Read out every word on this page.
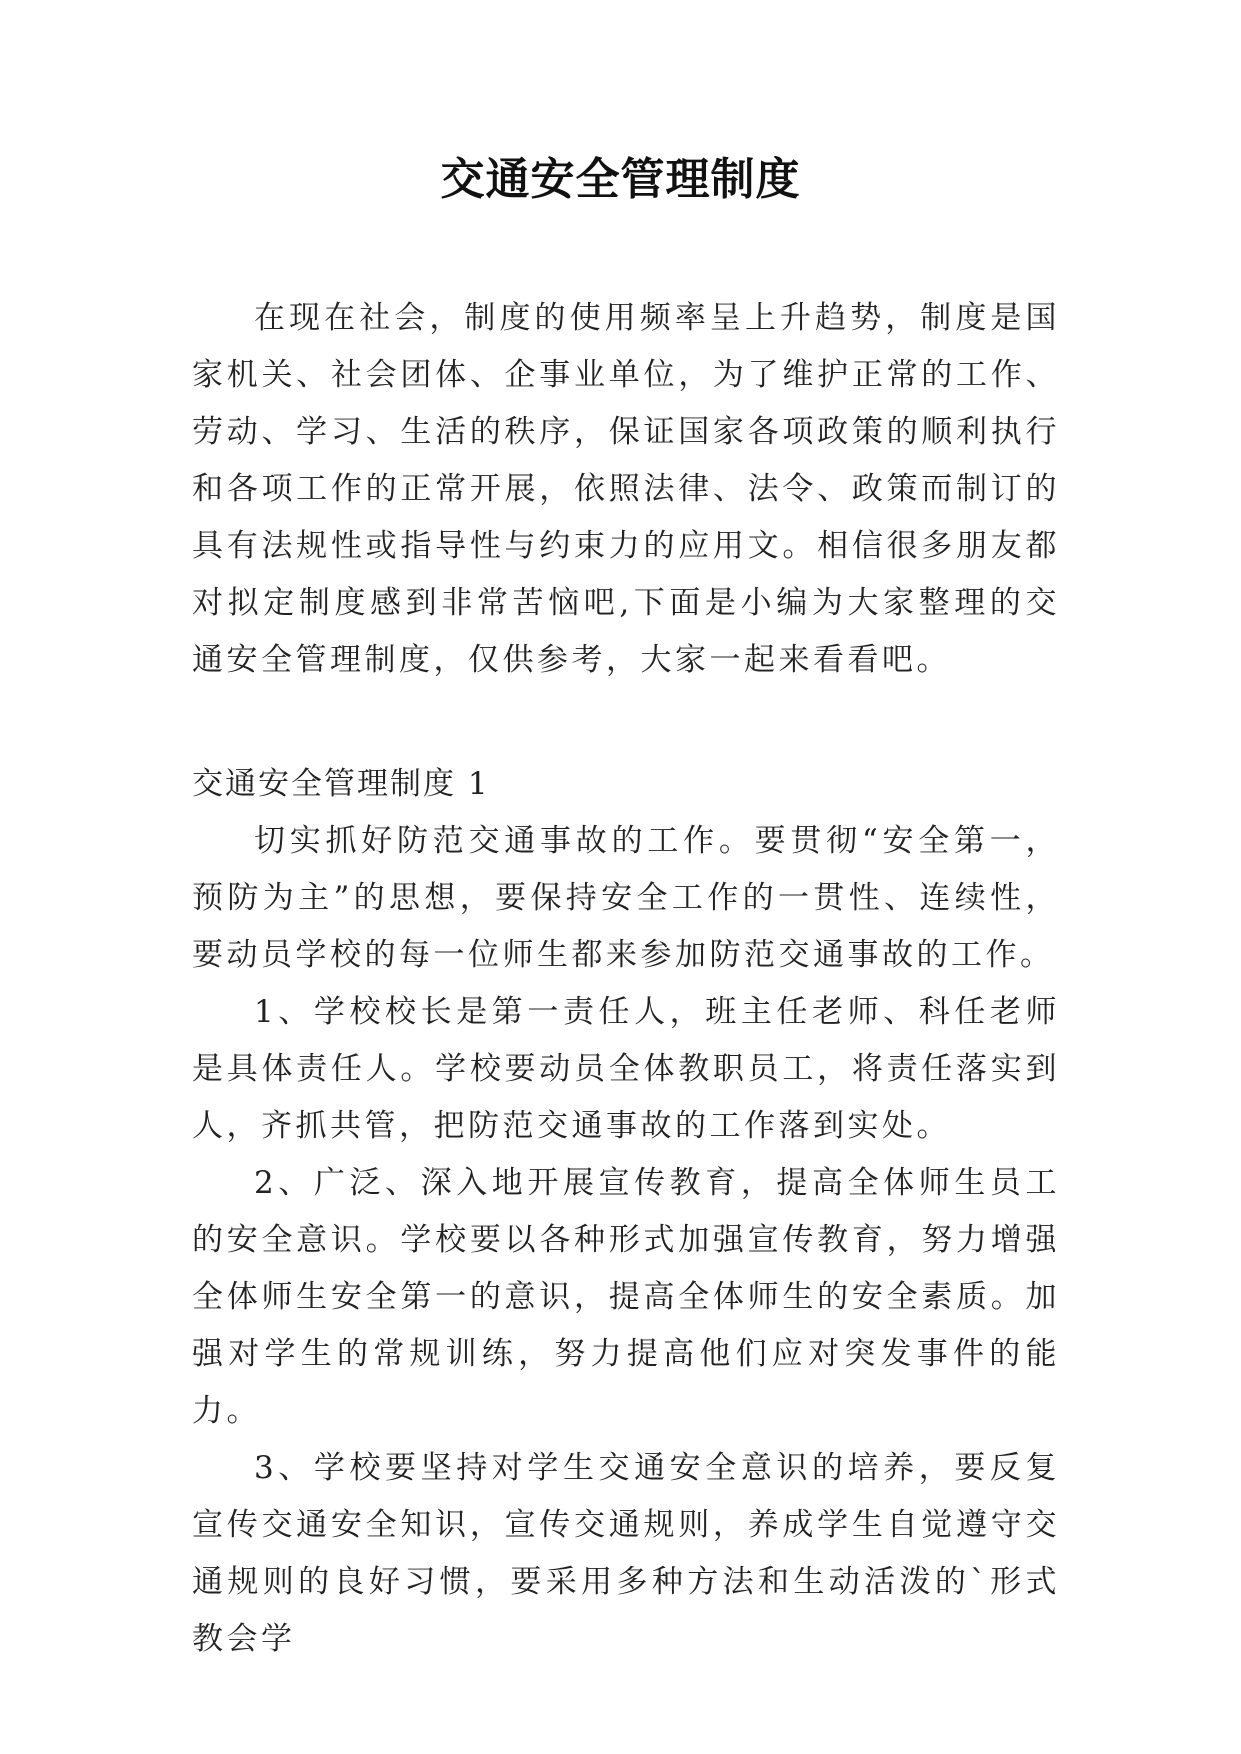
交通安全管理制度

在现在社会，制度的使用频率呈上升趋势，制度是国家机关、社会团体、企事业单位，为了维护正常的工作、劳动、学习、生活的秩序，保证国家各项政策的顺利执行和各项工作的正常开展，依照法律、法令、政策而制订的具有法规性或指导性与约束力的应用文。相信很多朋友都对拟定制度感到非常苦恼吧,下面是小编为大家整理的交通安全管理制度，仅供参考，大家一起来看看吧。

交通安全管理制度 1

切实抓好防范交通事故的工作。要贯彻“安全第一，预防为主”的思想，要保持安全工作的一贯性、连续性，要动员学校的每一位师生都来参加防范交通事故的工作。

1、学校校长是第一责任人，班主任老师、科任老师是具体责任人。学校要动员全体教职员工，将责任落实到人，齐抓共管，把防范交通事故的工作落到实处。

2、广泛、深入地开展宣传教育，提高全体师生员工的安全意识。学校要以各种形式加强宣传教育，努力增强全体师生安全第一的意识，提高全体师生的安全素质。加强对学生的常规训练，努力提高他们应对突发事件的能力。

3、学校要坚持对学生交通安全意识的培养，要反复宣传交通安全知识，宣传交通规则，养成学生自觉遵守交通规则的良好习惯，要采用多种方法和生动活泼的`形式教会学
